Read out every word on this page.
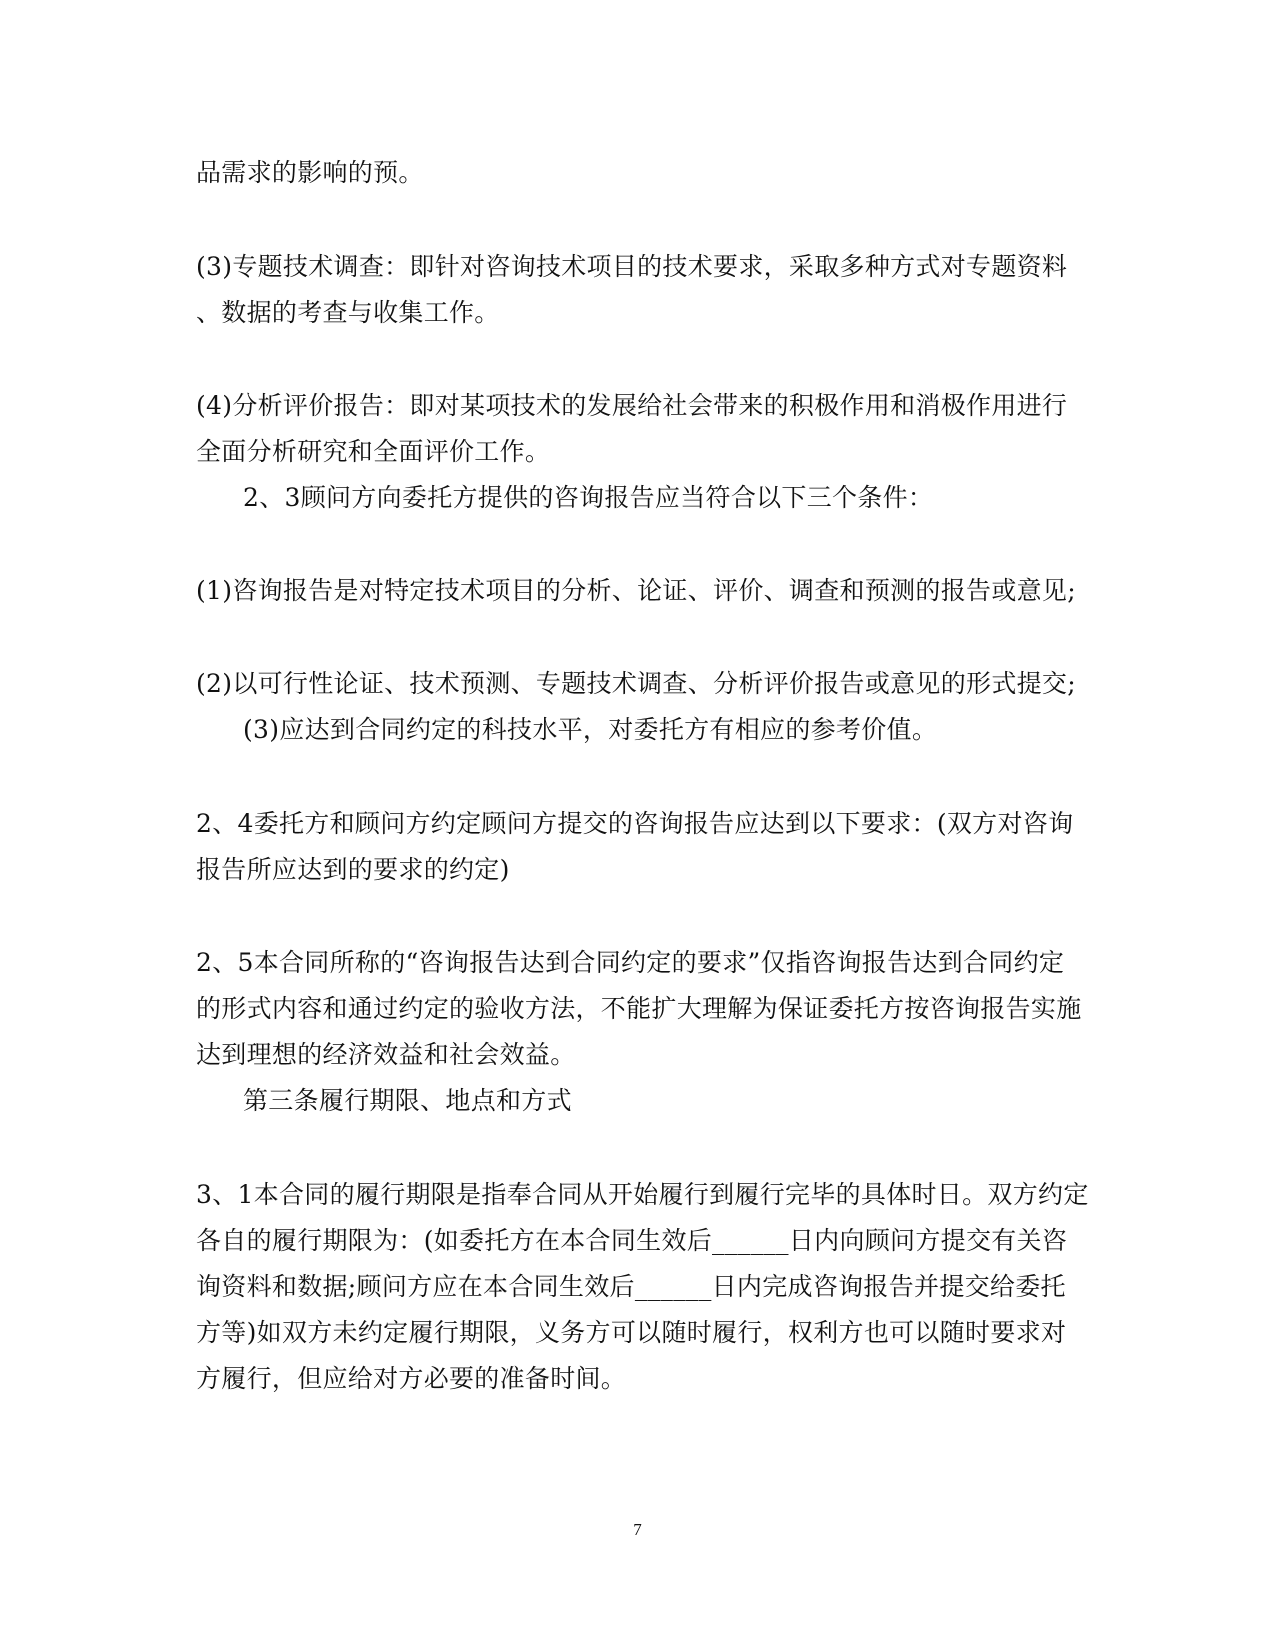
品需求的影响的预。
(3)专题技术调查：即针对咨询技术项目的技术要求，采取多种方式对专题资料
、数据的考查与收集工作。
(4)分析评价报告：即对某项技术的发展给社会带来的积极作用和消极作用进行
全面分析研究和全面评价工作。
2、3顾问方向委托方提供的咨询报告应当符合以下三个条件：
(1)咨询报告是对特定技术项目的分析、论证、评价、调查和预测的报告或意见;
(2)以可行性论证、技术预测、专题技术调查、分析评价报告或意见的形式提交;
(3)应达到合同约定的科技水平，对委托方有相应的参考价值。
2、4委托方和顾问方约定顾问方提交的咨询报告应达到以下要求：(双方对咨询
报告所应达到的要求的约定)
2、5本合同所称的“咨询报告达到合同约定的要求”仅指咨询报告达到合同约定
的形式内容和通过约定的验收方法，不能扩大理解为保证委托方按咨询报告实施
达到理想的经济效益和社会效益。
第三条履行期限、地点和方式
3、1本合同的履行期限是指奉合同从开始履行到履行完毕的具体时日。双方约定
各自的履行期限为：(如委托方在本合同生效后______日内向顾问方提交有关咨
询资料和数据;顾问方应在本合同生效后______日内完成咨询报告并提交给委托
方等)如双方未约定履行期限，义务方可以随时履行，权利方也可以随时要求对
方履行，但应给对方必要的准备时间。
7
